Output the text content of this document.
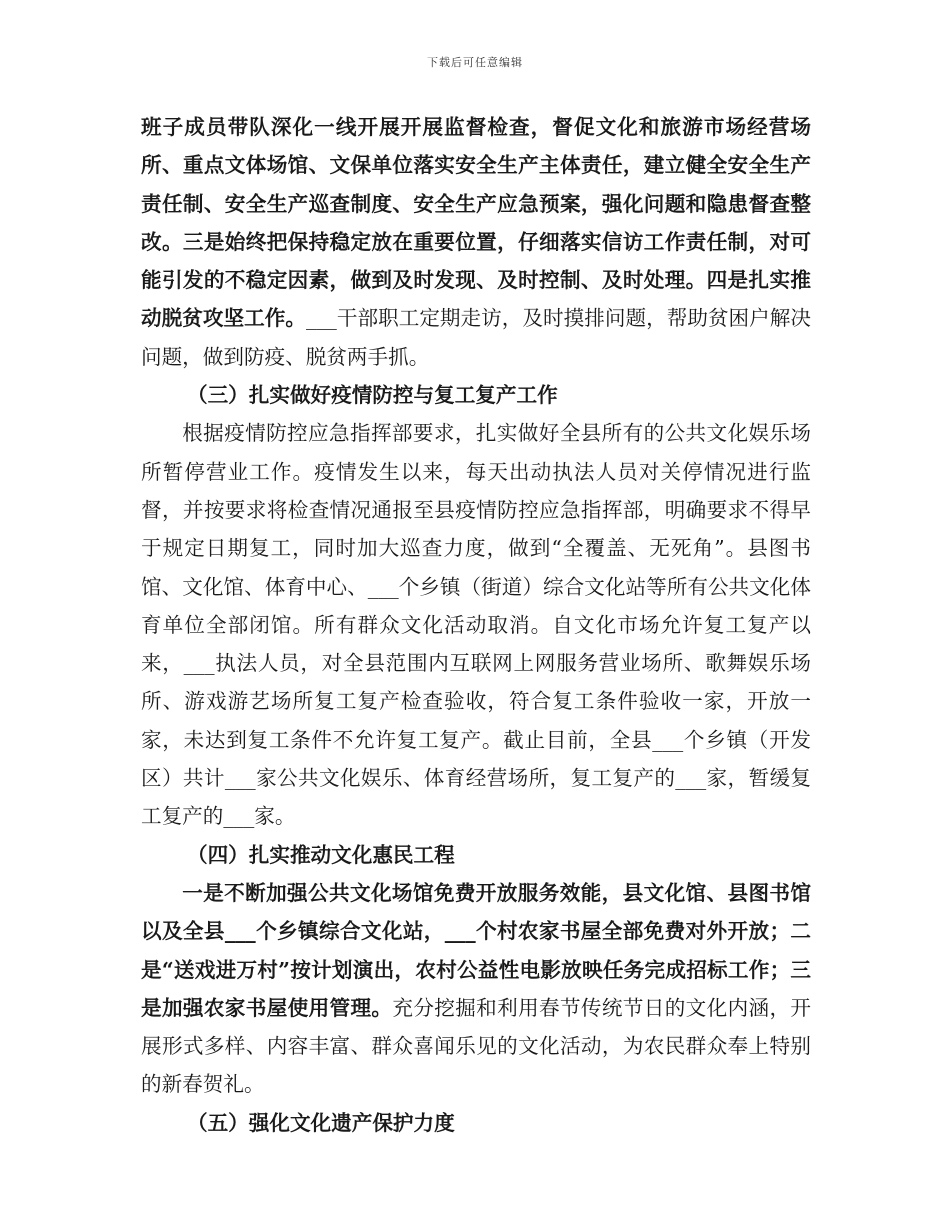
下载后可任意编辑

班子成员带队深化一线开展开展监督检查，督促文化和旅游市场经营场所、重点文体场馆、文保单位落实安全生产主体责任，建立健全安全生产责任制、安全生产巡查制度、安全生产应急预案，强化问题和隐患督查整改。三是始终把保持稳定放在重要位置，仔细落实信访工作责任制，对可能引发的不稳定因素，做到及时发现、及时控制、及时处理。四是扎实推动脱贫攻坚工作。___干部职工定期走访，及时摸排问题，帮助贫困户解决问题，做到防疫、脱贫两手抓。

（三）扎实做好疫情防控与复工复产工作

根据疫情防控应急指挥部要求，扎实做好全县所有的公共文化娱乐场所暂停营业工作。疫情发生以来，每天出动执法人员对关停情况进行监督，并按要求将检查情况通报至县疫情防控应急指挥部，明确要求不得早于规定日期复工，同时加大巡查力度，做到“全覆盖、无死角”。县图书馆、文化馆、体育中心、___个乡镇（街道）综合文化站等所有公共文化体育单位全部闭馆。所有群众文化活动取消。自文化市场允许复工复产以来，___执法人员，对全县范围内互联网上网服务营业场所、歌舞娱乐场所、游戏游艺场所复工复产检查验收，符合复工条件验收一家，开放一家，未达到复工条件不允许复工复产。截止目前，全县___个乡镇（开发区）共计___家公共文化娱乐、体育经营场所，复工复产的___家，暂缓复工复产的___家。

（四）扎实推动文化惠民工程

一是不断加强公共文化场馆免费开放服务效能，县文化馆、县图书馆以及全县___个乡镇综合文化站，___个村农家书屋全部免费对外开放；二是“送戏进万村”按计划演出，农村公益性电影放映任务完成招标工作；三是加强农家书屋使用管理。充分挖掘和利用春节传统节日的文化内涵，开展形式多样、内容丰富、群众喜闻乐见的文化活动，为农民群众奉上特别的新春贺礼。

（五）强化文化遗产保护力度
